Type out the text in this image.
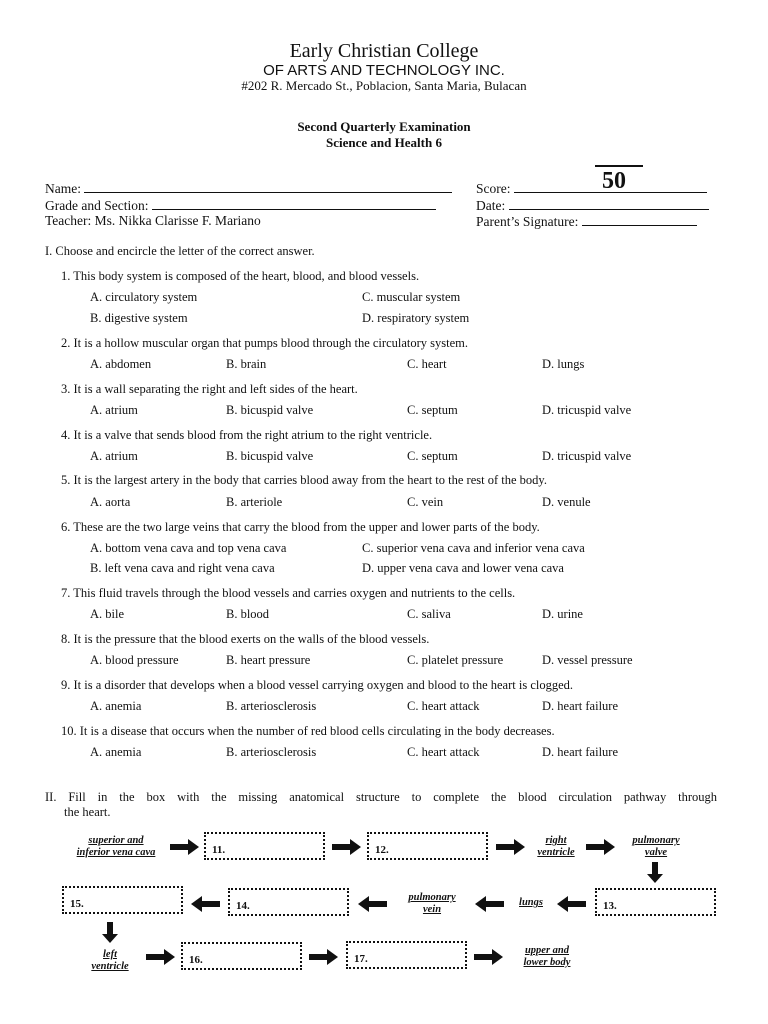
Early Christian College
OF ARTS AND TECHNOLOGY INC.
#202 R. Mercado St., Poblacion, Santa Maria, Bulacan
Second Quarterly Examination
Science and Health 6
Name:
Grade and Section:
Teacher: Ms. Nikka Clarisse F. Mariano
50
Score:
Date:
Parent’s Signature:
I. Choose and encircle the letter of the correct answer.
1. This body system is composed of the heart, blood, and blood vessels.
A. circulatory system	C. muscular system
B. digestive system	D. respiratory system
2. It is a hollow muscular organ that pumps blood through the circulatory system.
A. abdomen	B. brain	C. heart	D. lungs
3. It is a wall separating the right and left sides of the heart.
A. atrium	B. bicuspid valve	C. septum	D. tricuspid valve
4. It is a valve that sends blood from the right atrium to the right ventricle.
A. atrium	B. bicuspid valve	C. septum	D. tricuspid valve
5. It is the largest artery in the body that carries blood away from the heart to the rest of the body.
A. aorta	B. arteriole	C. vein	D. venule
6. These are the two large veins that carry the blood from the upper and lower parts of the body.
A. bottom vena cava and top vena cava	C. superior vena cava and inferior vena cava
B. left vena cava and right vena cava	D. upper vena cava and lower vena cava
7. This fluid travels through the blood vessels and carries oxygen and nutrients to the cells.
A. bile	B. blood	C. saliva	D. urine
8. It is the pressure that the blood exerts on the walls of the blood vessels.
A. blood pressure	B. heart pressure	C. platelet pressure	D. vessel pressure
9. It is a disorder that develops when a blood vessel carrying oxygen and blood to the heart is clogged.
A. anemia	B. arteriosclerosis	C. heart attack	D. heart failure
10. It is a disease that occurs when the number of red blood cells circulating in the body decreases.
A. anemia	B. arteriosclerosis	C. heart attack	D. heart failure
II. Fill in the box with the missing anatomical structure to complete the blood circulation pathway through
the heart.
superior and
inferior vena cava	11.	12.
right
ventricle
pulmonary
valve
15.	14.
pulmonary
vein
lungs	13.
left
ventricle
16.	17.
upper and
lower body
